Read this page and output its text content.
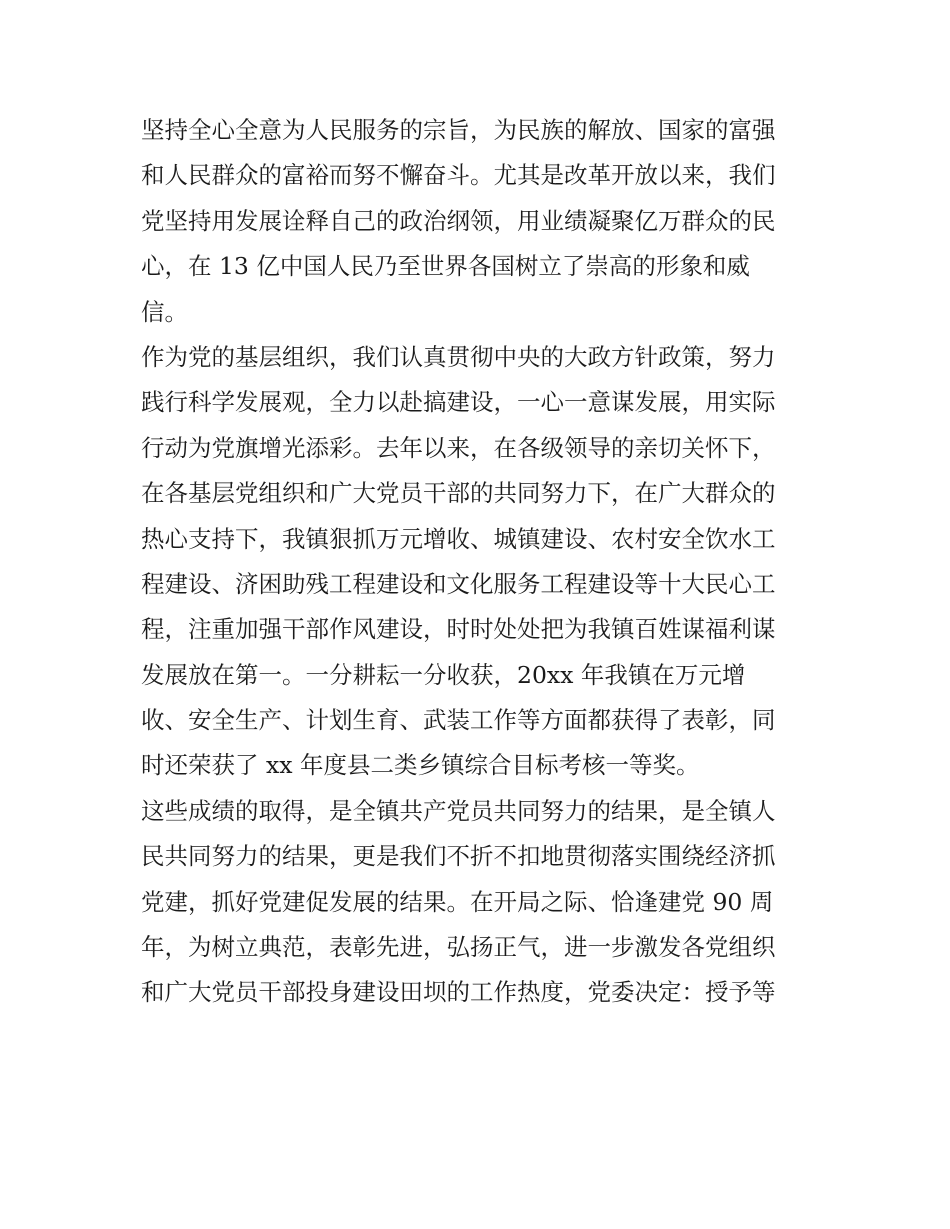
坚持全心全意为人民服务的宗旨，为民族的解放、国家的富强
和人民群众的富裕而努不懈奋斗。尤其是改革开放以来，我们
党坚持用发展诠释自己的政治纲领，用业绩凝聚亿万群众的民
心，在 13 亿中国人民乃至世界各国树立了崇高的形象和威
信。
作为党的基层组织，我们认真贯彻中央的大政方针政策，努力
践行科学发展观，全力以赴搞建设，一心一意谋发展，用实际
行动为党旗增光添彩。去年以来，在各级领导的亲切关怀下，
在各基层党组织和广大党员干部的共同努力下，在广大群众的
热心支持下，我镇狠抓万元增收、城镇建设、农村安全饮水工
程建设、济困助残工程建设和文化服务工程建设等十大民心工
程，注重加强干部作风建设，时时处处把为我镇百姓谋福利谋
发展放在第一。一分耕耘一分收获，20xx 年我镇在万元增
收、安全生产、计划生育、武装工作等方面都获得了表彰，同
时还荣获了 xx 年度县二类乡镇综合目标考核一等奖。
这些成绩的取得，是全镇共产党员共同努力的结果，是全镇人
民共同努力的结果，更是我们不折不扣地贯彻落实围绕经济抓
党建，抓好党建促发展的结果。在开局之际、恰逢建党 90 周
年，为树立典范，表彰先进，弘扬正气，进一步激发各党组织
和广大党员干部投身建设田坝的工作热度，党委决定：授予等
